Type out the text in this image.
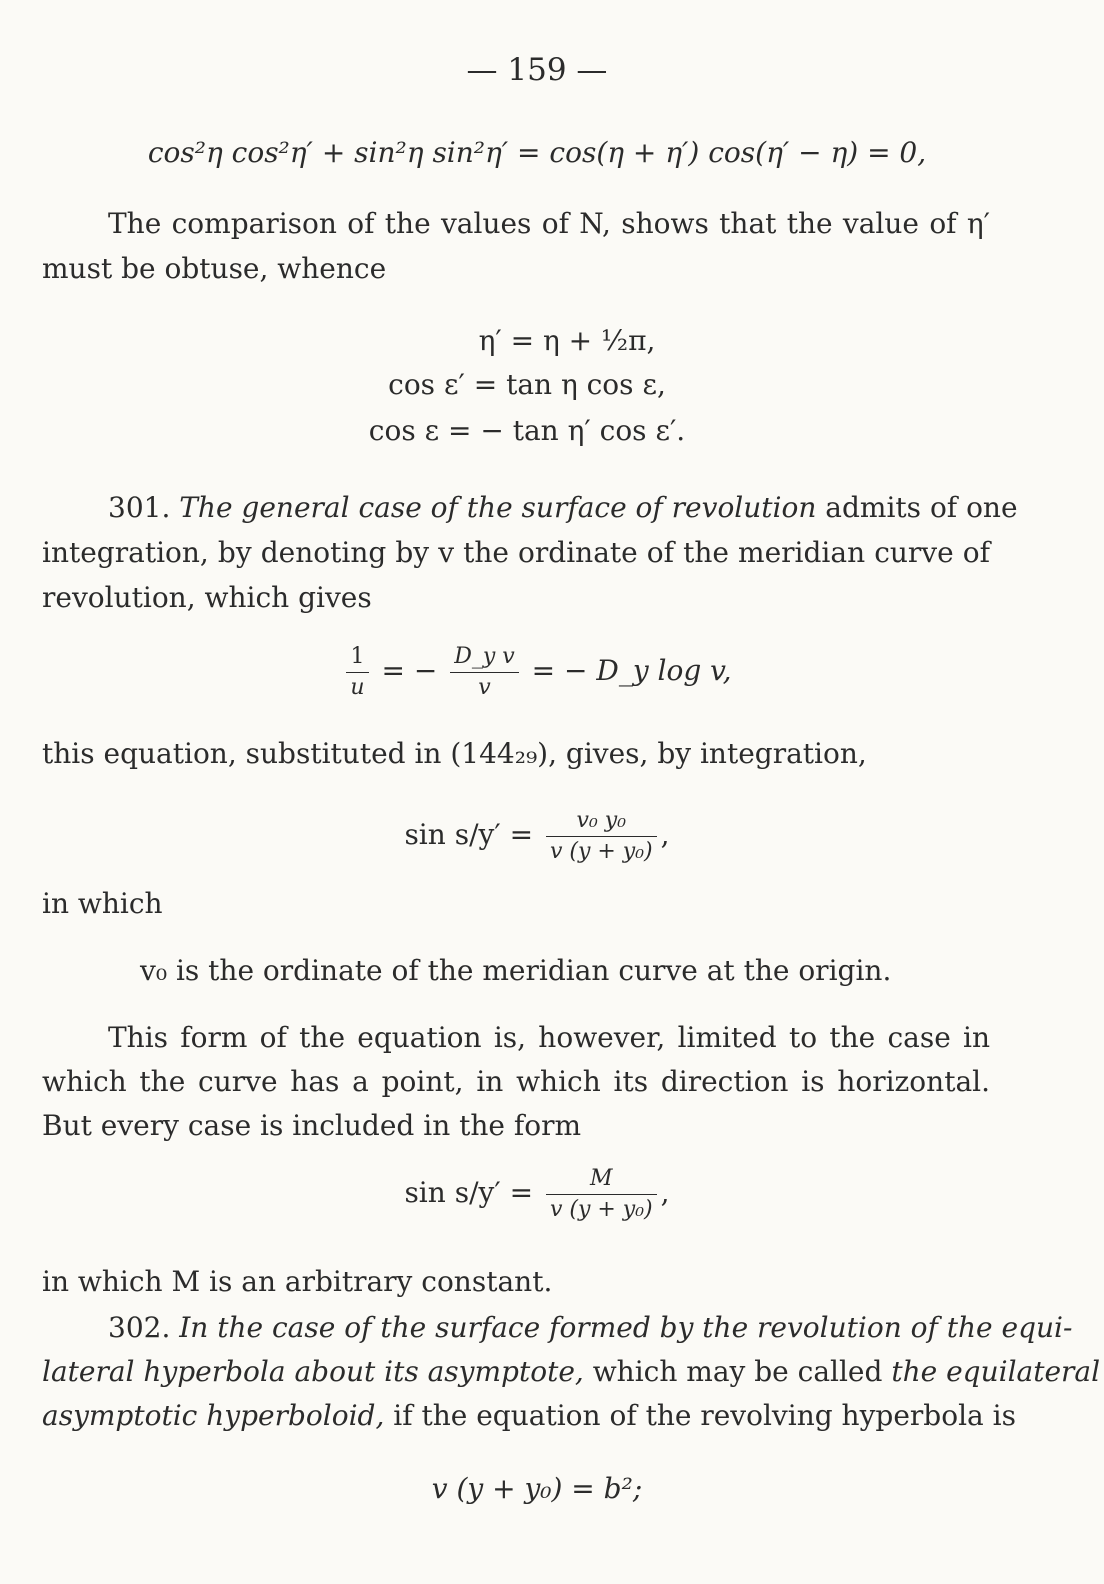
— 159 —
cos²η cos²η′ + sin²η sin²η′ = cos(η + η′) cos(η′ − η) = 0,
The comparison of the values of N, shows that the value of η′
must be obtuse, whence
η′ = η + ½π,
cos ε′ = tan η cos ε,
cos ε = − tan η′ cos ε′.
301. The general case of the surface of revolution admits of one
integration, by denoting by v the ordinate of the meridian curve of
revolution, which gives
$\frac{1}{u}$ = − $\frac{\text{D\_y v}}{v}$ = − D_y log v,
this equation, substituted in (144₂₉), gives, by integration,
$\sin s/y' = \frac{\text{v₀ y₀}}{\text{v (y + y₀)}}$ ,
in which
v₀ is the ordinate of the meridian curve at the origin.
This form of the equation is, however, limited to the case in
which the curve has a point, in which its direction is horizontal.
But every case is included in the form
$\sin s/y' = \frac{M}{\text{v (y + y₀)}}$ ,
in which M is an arbitrary constant.
302. In the case of the surface formed by the revolution of the equi-
lateral hyperbola about its asymptote, which may be called the equilateral
asymptotic hyperboloid, if the equation of the revolving hyperbola is
v (y + y₀) = b²;
